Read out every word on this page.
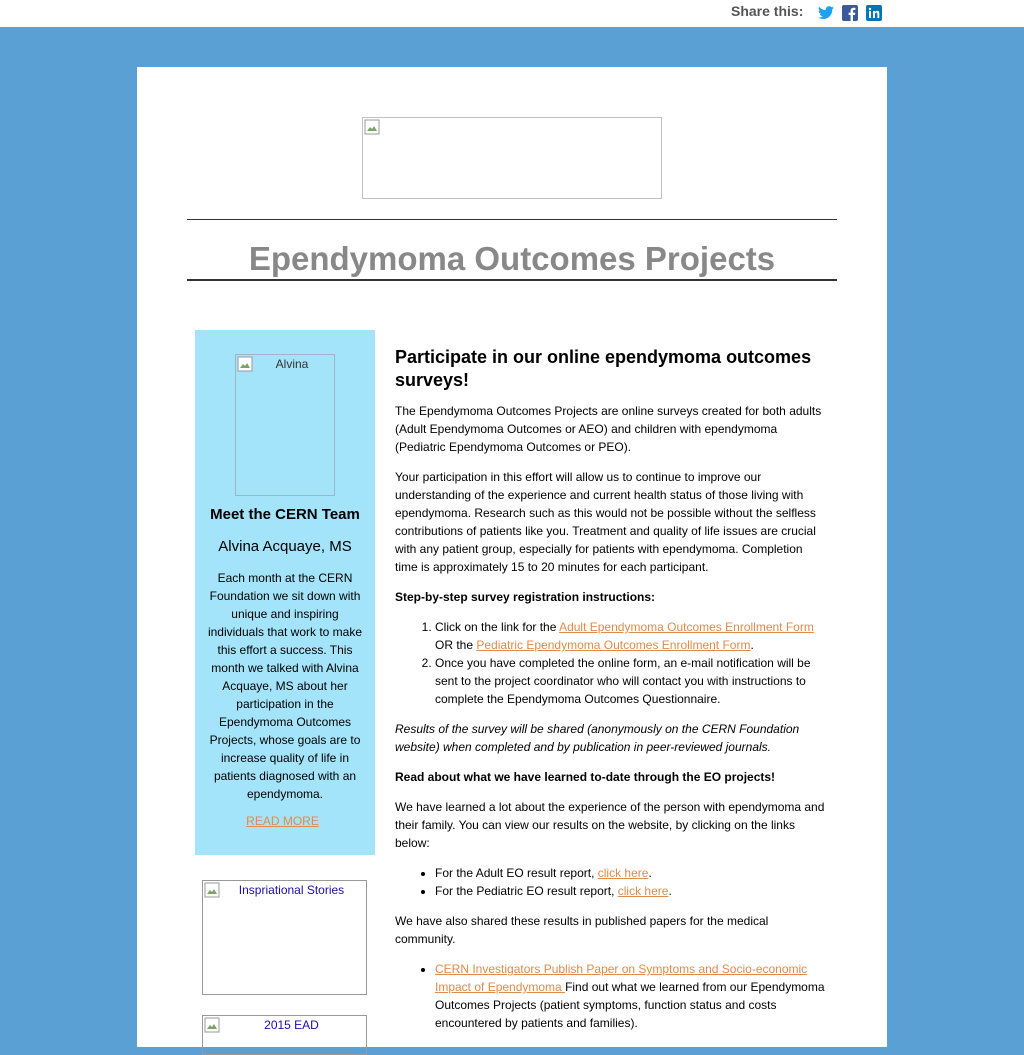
Share this:
Ependymoma Outcomes Projects
Alvina
Meet the CERN Team

Alvina Acquaye, MS

Each month at the CERN Foundation we sit down with unique and inspiring individuals that work to make this effort a success. This month we talked with Alvina Acquaye, MS about her participation in the Ependymoma Outcomes Projects, whose goals are to increase quality of life in patients diagnosed with an ependymoma.

READ MORE
Inspriational Stories
2015 EAD
Participate in our online ependymoma outcomes surveys!

The Ependymoma Outcomes Projects are online surveys created for both adults (Adult Ependymoma Outcomes or AEO) and children with ependymoma (Pediatric Ependymoma Outcomes or PEO).

Your participation in this effort will allow us to continue to improve our understanding of the experience and current health status of those living with ependymoma. Research such as this would not be possible without the selfless contributions of patients like you. Treatment and quality of life issues are crucial with any patient group, especially for patients with ependymoma. Completion time is approximately 15 to 20 minutes for each participant.

Step-by-step survey registration instructions:

1. Click on the link for the Adult Ependymoma Outcomes Enrollment Form OR the Pediatric Ependymoma Outcomes Enrollment Form.
2. Once you have completed the online form, an e-mail notification will be sent to the project coordinator who will contact you with instructions to complete the Ependymoma Outcomes Questionnaire.

Results of the survey will be shared (anonymously on the CERN Foundation website) when completed and by publication in peer-reviewed journals.

Read about what we have learned to-date through the EO projects!

We have learned a lot about the experience of the person with ependymoma and their family. You can view our results on the website, by clicking on the links below:

• For the Adult EO result report, click here.
• For the Pediatric EO result report, click here.

We have also shared these results in published papers for the medical community.

• CERN Investigators Publish Paper on Symptoms and Socio-economic Impact of Ependymoma Find out what we learned from our Ependymoma Outcomes Projects (patient symptoms, function status and costs encountered by patients and families).
